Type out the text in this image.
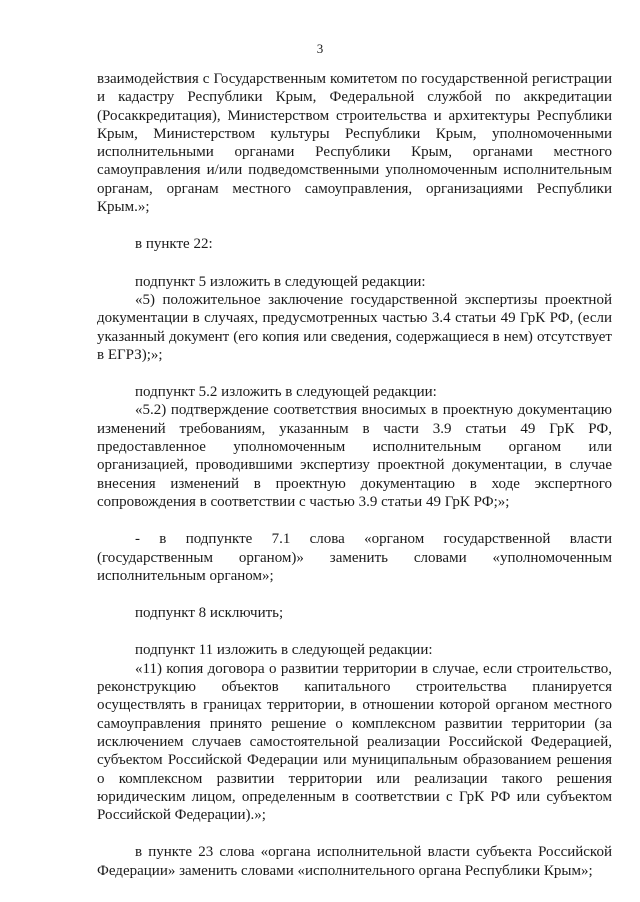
3

взаимодействия с Государственным комитетом по государственной регистрации и кадастру Республики Крым, Федеральной службой по аккредитации (Росаккредитация), Министерством строительства и архитектуры Республики Крым, Министерством культуры Республики Крым, уполномоченными исполнительными органами Республики Крым, органами местного самоуправления и/или подведомственными уполномоченным исполнительным органам, органам местного самоуправления, организациями Республики Крым.»;

в пункте 22:

подпункт 5 изложить в следующей редакции:

«5) положительное заключение государственной экспертизы проектной документации в случаях, предусмотренных частью 3.4 статьи 49 ГрК РФ, (если указанный документ (его копия или сведения, содержащиеся в нем) отсутствует в ЕГРЗ);»;

подпункт 5.2 изложить в следующей редакции:

«5.2) подтверждение соответствия вносимых в проектную документацию изменений требованиям, указанным в части 3.9 статьи 49 ГрК РФ, предоставленное уполномоченным исполнительным органом или организацией, проводившими экспертизу проектной документации, в случае внесения изменений в проектную документацию в ходе экспертного сопровождения в соответствии с частью 3.9 статьи 49 ГрК РФ;»;

- в подпункте 7.1 слова «органом государственной власти (государственным органом)» заменить словами «уполномоченным исполнительным органом»;

подпункт 8 исключить;

подпункт 11 изложить в следующей редакции:

«11) копия договора о развитии территории в случае, если строительство, реконструкцию объектов капитального строительства планируется осуществлять в границах территории, в отношении которой органом местного самоуправления принято решение о комплексном развитии территории (за исключением случаев самостоятельной реализации Российской Федерацией, субъектом Российской Федерации или муниципальным образованием решения о комплексном развитии территории или реализации такого решения юридическим лицом, определенным в соответствии с ГрК РФ или субъектом Российской Федерации).»;

в пункте 23 слова «органа исполнительной власти субъекта Российской Федерации» заменить словами «исполнительного органа Республики Крым»;
